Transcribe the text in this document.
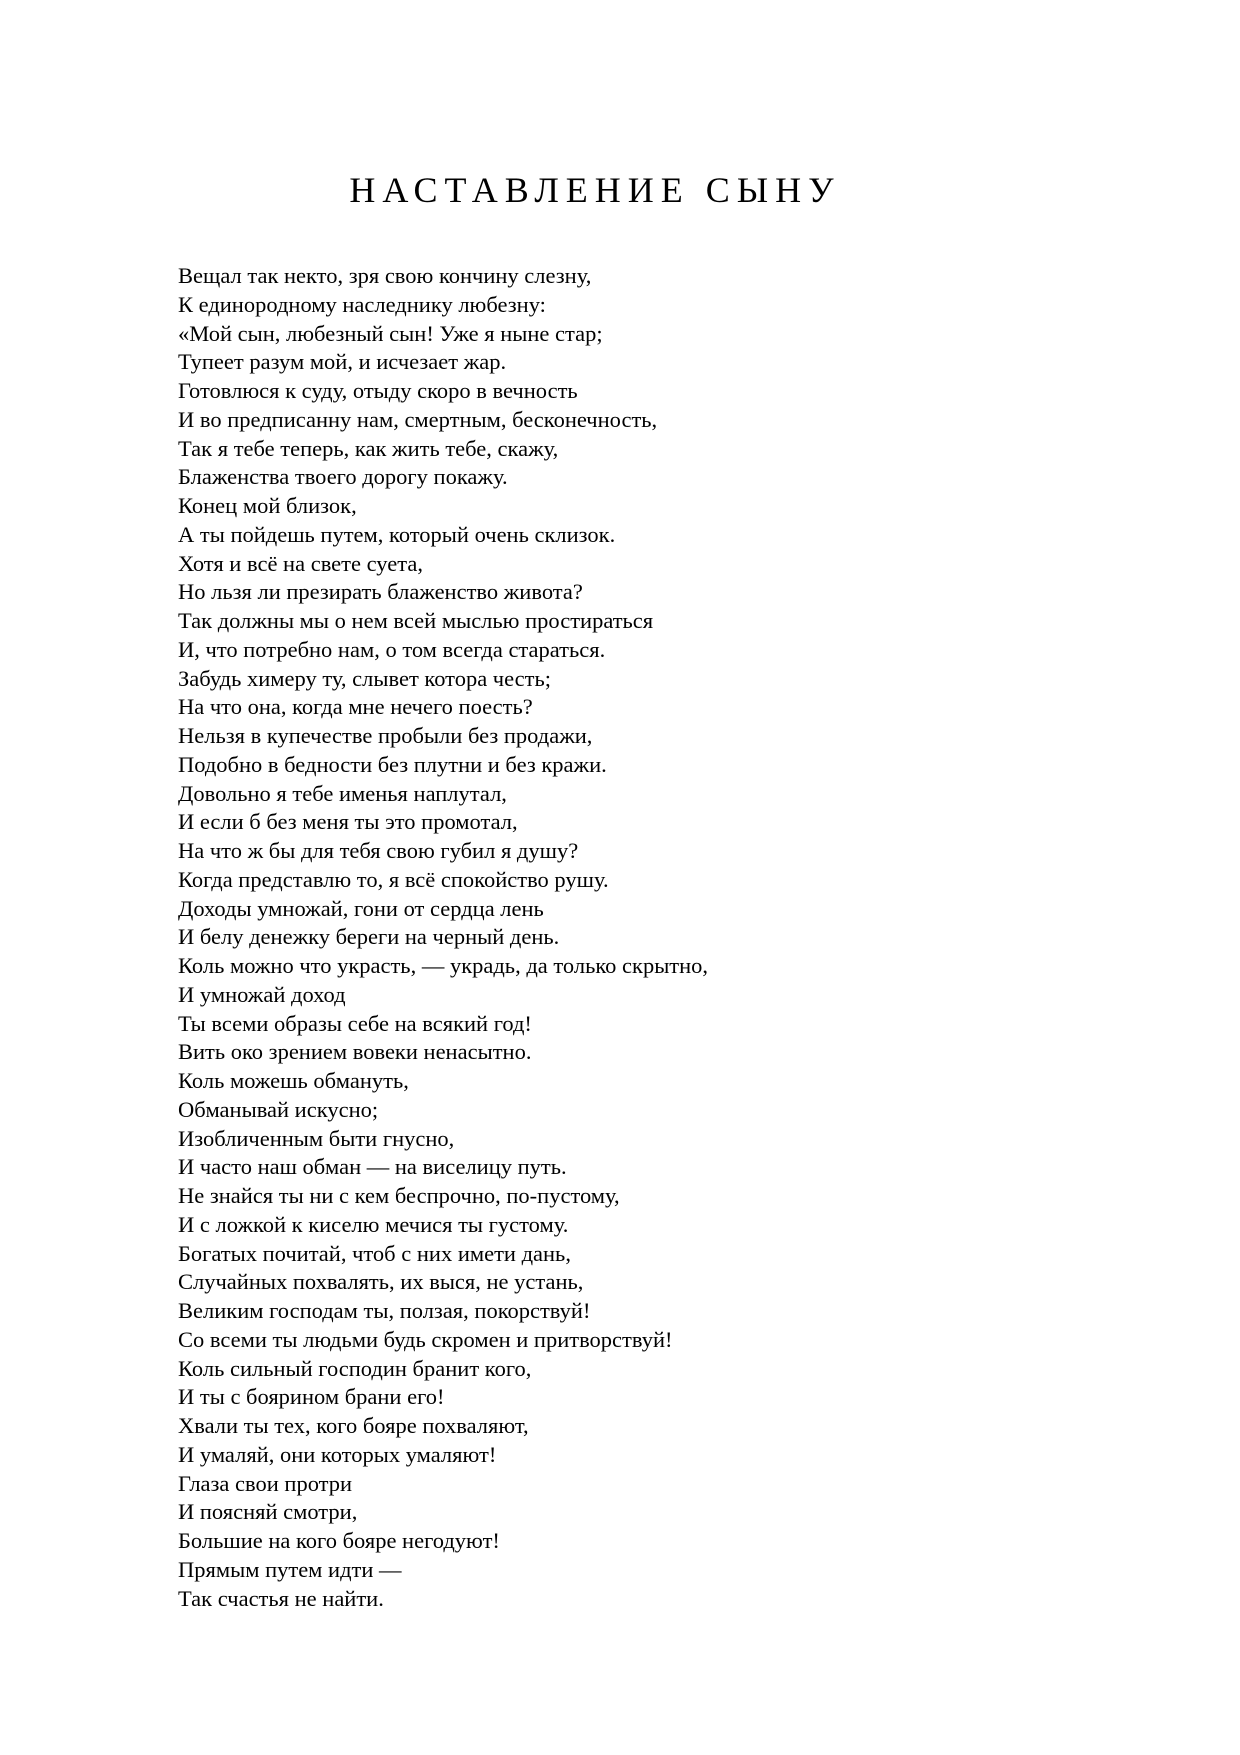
НАСТАВЛЕНИЕ СЫНУ
Вещал так некто, зря свою кончину слезну,
К единородному наследнику любезну:
«Мой сын, любезный сын! Уже я ныне стар;
Тупеет разум мой, и исчезает жар.
Готовлюся к суду, отыду скоро в вечность
И во предписанну нам, смертным, бесконечность,
Так я тебе теперь, как жить тебе, скажу,
Блаженства твоего дорогу покажу.
Конец мой близок,
А ты пойдешь путем, который очень склизок.
Хотя и всё на свете суета,
Но льзя ли презирать блаженство живота?
Так должны мы о нем всей мыслью простираться
И, что потребно нам, о том всегда стараться.
Забудь химеру ту, слывет котора честь;
На что она, когда мне нечего поесть?
Нельзя в купечестве пробыли без продажи,
Подобно в бедности без плутни и без кражи.
Довольно я тебе именья наплутал,
И если б без меня ты это промотал,
На что ж бы для тебя свою губил я душу?
Когда представлю то, я всё спокойство рушу.
Доходы умножай, гони от сердца лень
И белу денежку береги на черный день.
Коль можно что украсть, — украдь, да только скрытно,
И умножай доход
Ты всеми образы себе на всякий год!
Вить око зрением вовеки ненасытно.
Коль можешь обмануть,
Обманывай искусно;
Изобличенным быти гнусно,
И часто наш обман — на виселицу путь.
Не знайся ты ни с кем беспрочно, по-пустому,
И с ложкой к киселю мечися ты густому.
Богатых почитай, чтоб с них имети дань,
Случайных похвалять, их выся, не устань,
Великим господам ты, ползая, покорствуй!
Со всеми ты людьми будь скромен и притворствуй!
Коль сильный господин бранит кого,
И ты с боярином брани его!
Хвали ты тех, кого бояре похваляют,
И умаляй, они которых умаляют!
Глаза свои протри
И поясняй смотри,
Большие на кого бояре негодуют!
Прямым путем идти —
Так счастья не найти.
